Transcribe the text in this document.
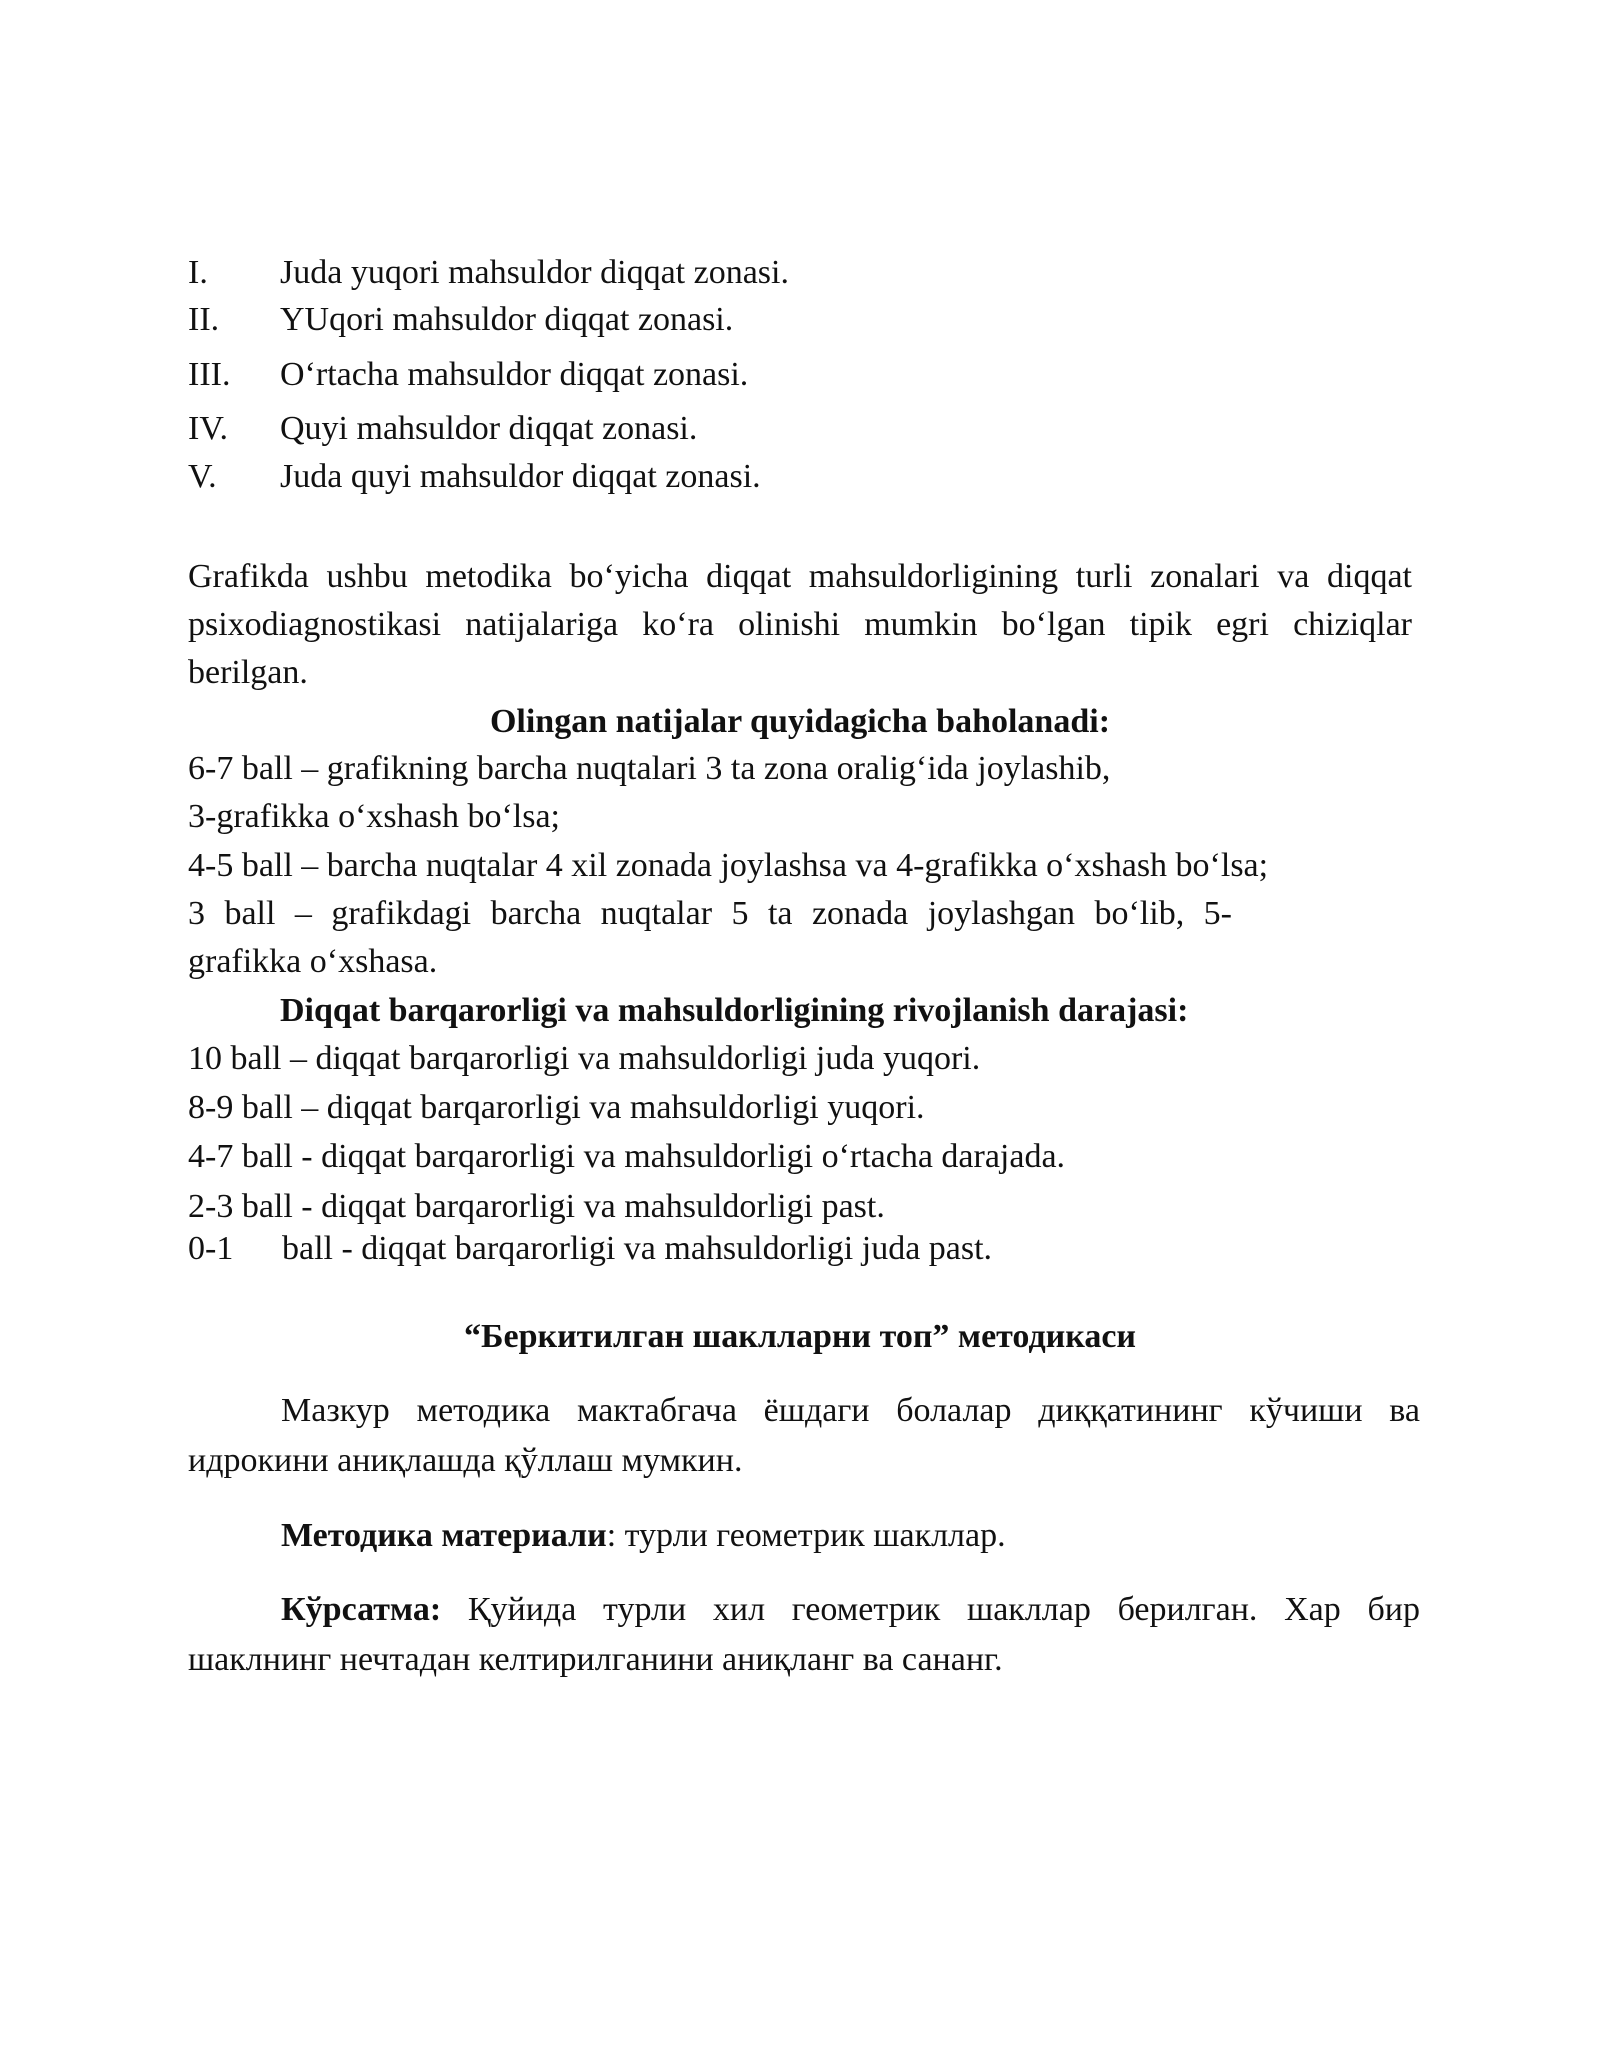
I. Juda yuqori mahsuldor diqqat zonasi.
II. YUqori mahsuldor diqqat zonasi.
III. O‘rtacha mahsuldor diqqat zonasi.
IV. Quyi mahsuldor diqqat zonasi.
V. Juda quyi mahsuldor diqqat zonasi.
Grafikda ushbu metodika bo‘yicha diqqat mahsuldorligining turli zonalari va diqqat psixodiagnostikasi natijalariga ko‘ra olinishi mumkin bo‘lgan tipik egri chiziqlar berilgan.
Olingan natijalar quyidagicha baholanadi:
6-7 ball – grafikning barcha nuqtalari 3 ta zona oralig‘ida joylashib,
3-grafikka o‘xshash bo‘lsa;
4-5 ball – barcha nuqtalar 4 xil zonada joylashsa va 4-grafikka o‘xshash bo‘lsa;
3 ball – grafikdagi barcha nuqtalar 5 ta zonada joylashgan bo‘lib, 5-
grafikka o‘xshasa.
Diqqat barqarorligi va mahsuldorligining rivojlanish darajasi:
10 ball – diqqat barqarorligi va mahsuldorligi juda yuqori.
8-9 ball – diqqat barqarorligi va mahsuldorligi yuqori.
4-7 ball - diqqat barqarorligi va mahsuldorligi o‘rtacha darajada.
2-3 ball - diqqat barqarorligi va mahsuldorligi past.
0-1 ball - diqqat barqarorligi va mahsuldorligi juda past.
“Беркитилган шаклларни топ” методикаси
Мазкур методика мактабгача ёшдаги болалар диққатининг кўчиши ва идрокини аниқлашда қўллаш мумкин.
Методика материали: турли геометрик шакллар.
Кўрсатма: Қуйида турли хил геометрик шакллар берилган. Хар бир шаклнинг нечтадан келтирилганини аниқланг ва сананг.
